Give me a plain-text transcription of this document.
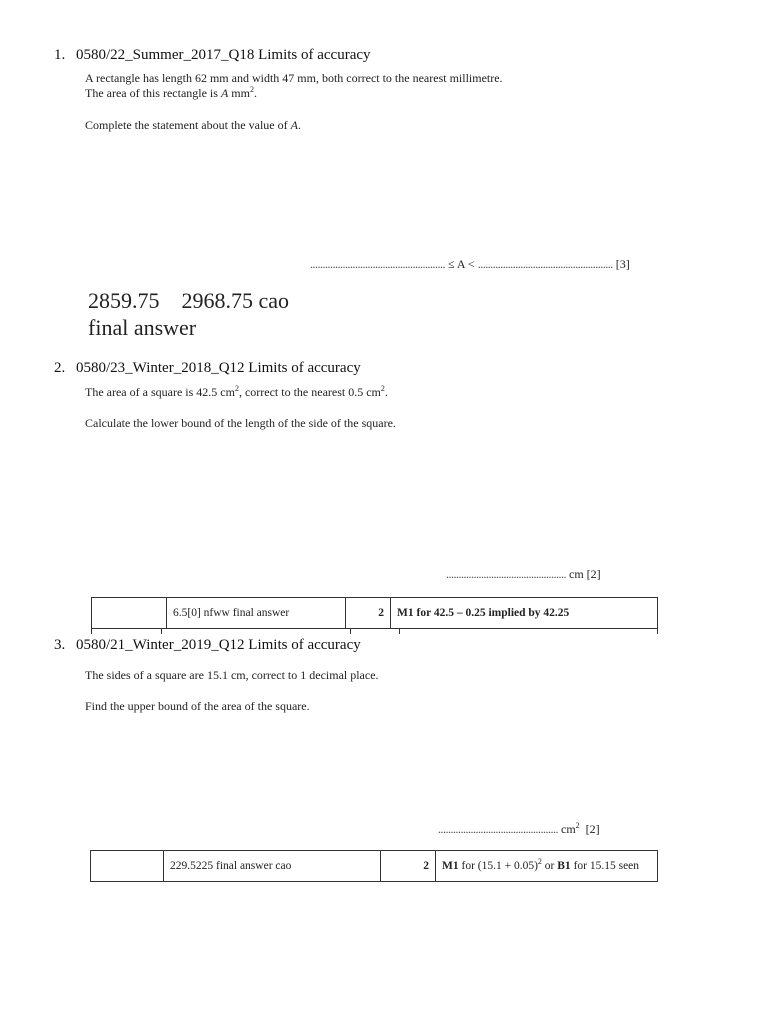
1. 0580/22_Summer_2017_Q18 Limits of accuracy
A rectangle has length 62 mm and width 47 mm, both correct to the nearest millimetre.
The area of this rectangle is A $mm^2$.
Complete the statement about the value of A.
...................................................... ≤ A < ...................................................... [3]
2859.75    2968.75 cao
final answer
2. 0580/23_Winter_2018_Q12 Limits of accuracy
The area of a square is 42.5 $cm^2$, correct to the nearest 0.5 $cm^2$.
Calculate the lower bound of the length of the side of the square.
................................................ cm [2]
	6.5[0] nfww final answer	2	M1 for 42.5 – 0.25 implied by 42.25
3. 0580/21_Winter_2019_Q12 Limits of accuracy
The sides of a square are 15.1 cm, correct to 1 decimal place.
Find the upper bound of the area of the square.
................................................ $cm^2$ [2]
	229.5225 final answer cao	2	M1 for $(15.1 + 0.05)^2$ or B1 for 15.15 seen
